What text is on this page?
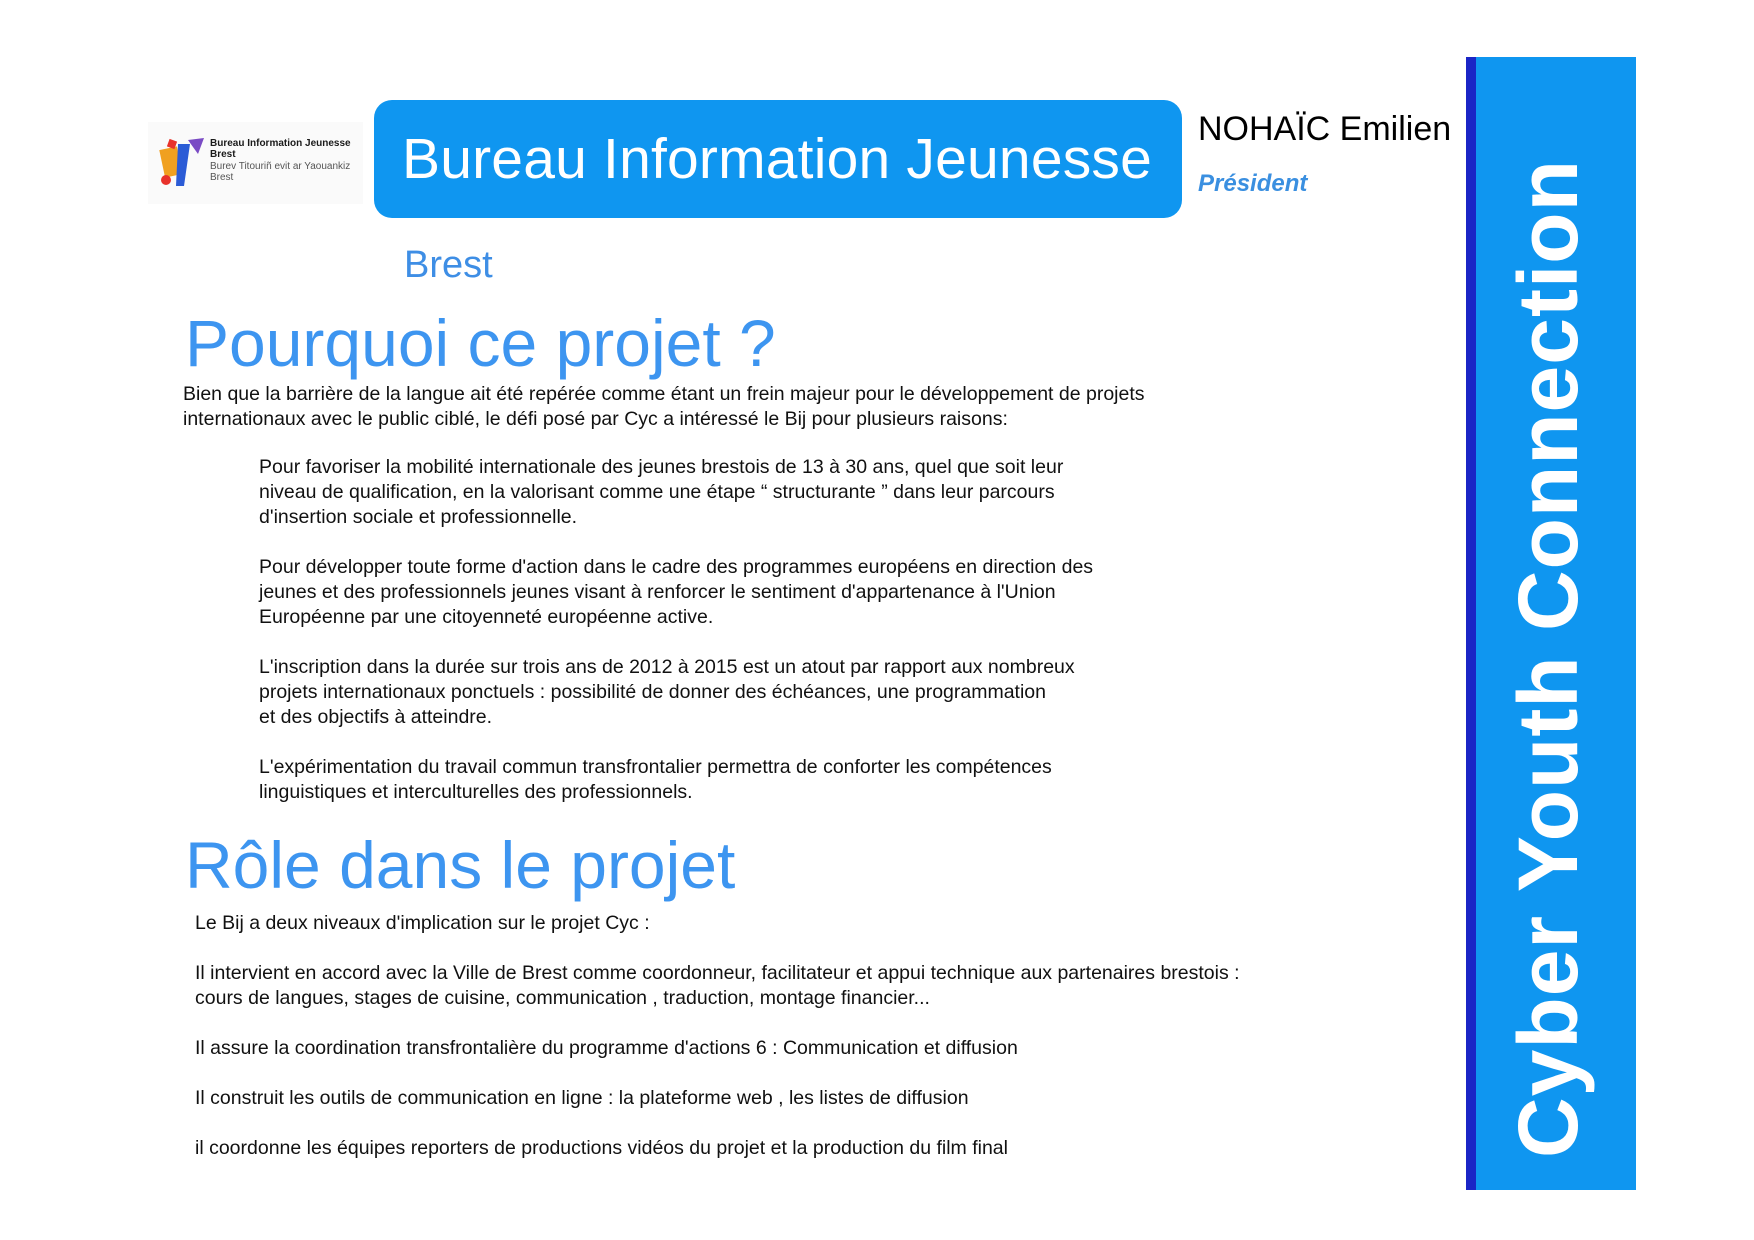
Bureau Information Jeunesse
Brest
Burev Titouriñ evit ar Yaouankiz
Brest	Bureau Information Jeunesse NOHAÏC Emilien
Président
Brest
Pourquoi ce projet ?
Bien que la barrière de la langue ait été repérée comme étant un frein majeur pour le développement de projets
internationaux avec le public ciblé, le défi posé par Cyc a intéressé le Bij pour plusieurs raisons:
Pour favoriser la mobilité internationale des jeunes brestois de 13 à 30 ans, quel que soit leur
niveau de qualification, en la valorisant comme une étape “ structurante ” dans leur parcours
d'insertion sociale et professionnelle.
Pour développer toute forme d'action dans le cadre des programmes européens en direction des
jeunes et des professionnels jeunes visant à renforcer le sentiment d'appartenance à l'Union
Européenne par une citoyenneté européenne active.
L'inscription dans la durée sur trois ans de 2012 à 2015 est un atout par rapport aux nombreux
projets internationaux ponctuels : possibilité de donner des échéances, une programmation
et des objectifs à atteindre.
L'expérimentation du travail commun transfrontalier permettra de conforter les compétences
linguistiques et interculturelles des professionnels.
Rôle dans le projet
Le Bij a deux niveaux d'implication sur le projet Cyc :
Il intervient en accord avec la Ville de Brest comme coordonneur, facilitateur et appui technique aux partenaires brestois :
cours de langues, stages de cuisine, communication , traduction, montage financier...
Il assure la coordination transfrontalière du programme d'actions 6 : Communication et diffusion
Il construit les outils de communication en ligne : la plateforme web , les listes de diffusion
il coordonne les équipes reporters de productions vidéos du projet et la production du film final	Cyber Youth Connection
